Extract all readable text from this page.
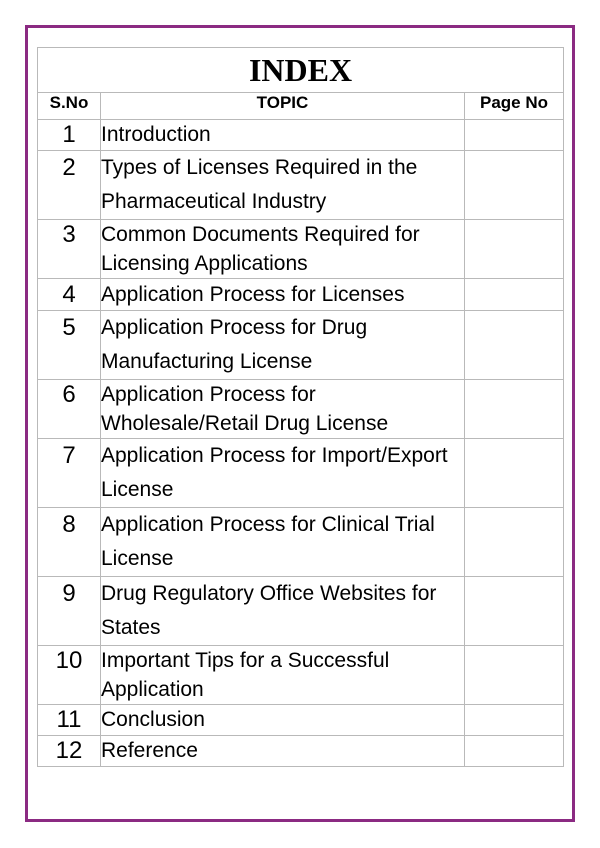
INDEX		
S.No	TOPIC	Page No
1	Introduction	
2	Types of Licenses Required in the Pharmaceutical Industry	
3	Common Documents Required for Licensing Applications	
4	Application Process for Licenses	
5	Application Process for Drug Manufacturing License	
6	Application Process for Wholesale/Retail Drug License	
7	Application Process for Import/Export License	
8	Application Process for Clinical Trial License	
9	Drug Regulatory Office Websites for States	
10	Important Tips for a Successful Application	
11	Conclusion	
12	Reference	
